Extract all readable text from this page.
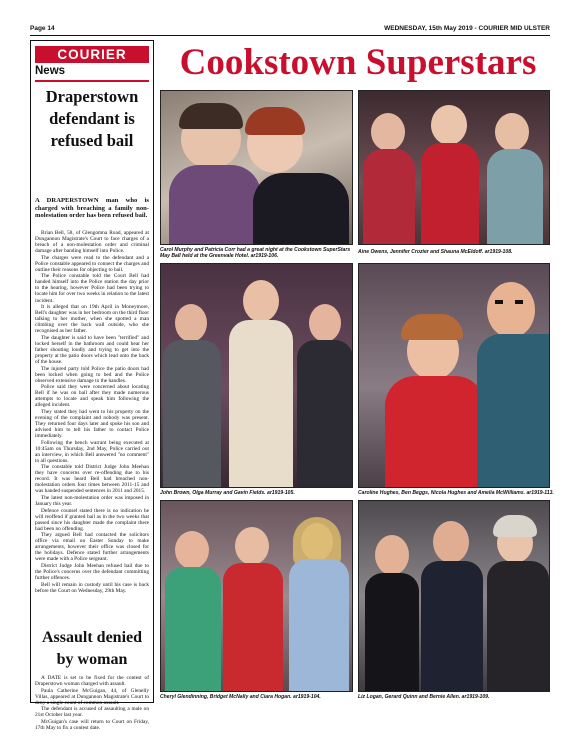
Page 14	WEDNESDAY, 15th May 2019 - COURIER MID ULSTER
COURIER
News
Draperstown defendant is refused bail
A DRAPERSTOWN man who is charged with breaching a family non-molestation order has been refused bail.

Brian Bell, 58, of Glengomna Road, appeared at Dungannon Magistrate's Court to face charges of a breach of a non-molestation order and criminal damage after banding himself into Police.

The charges were read to the defendant and a Police constable appeared to connect the charges and outline their reasons for objecting to bail.

The Police constable told the Court Bell had handed himself into the Police station the day prior to the hearing, however Police had been trying to locate him for over two weeks in relation to the latest incident.

It is alleged that on 19th April in Moneymore, Bell's daughter was in her bedroom on the third floor talking to her mother, when she spotted a man climbing over the back wall outside, who she recognised as her father.

The daughter is said to have been "terrified" and locked herself in the bathroom and could hear her father shouting loudly and trying to get into the property at the patio doors which lead onto the back of the house.

The injured party told Police the patio doors had been locked when going to bed and the Police observed extensive damage to the handles.

Police said they were concerned about locating Bell if he was on bail after they made numerous attempts to locate and speak him following the alleged incident.

They stated they had went to his property on the evening of the complaint and nobody was present. They returned four days later and spoke his son and advised him to tell his father to contact Police immediately.

Following the bench warrant being executed at 10:45am on Thursday, 2nd May, Police carried out an interview, in which Bell answered "no comment" to all questions.

The constable told District Judge John Meehan they have concerns over re-offending due to his record. It was heard Bell had breached non-molestation orders four times between 2011-15 and was handed suspended sentences in 2011 and 2015.

The latest non-molestation order was imposed in January this year.

Defence counsel stated there is no indication he will reoffend if granted bail as in the two weeks that passed since his daughter made the complaint there had been no offending.

They argued Bell had contacted the solicitors office via email on Easter Sunday to make arrangements, however their office was closed for the holidays. Defence stated further arrangements were made with a Police sergeant.

District Judge John Meehan refused bail due to the Police's concerns over the defendant committing further offences.

Bell will remain in custody until his case is back before the Court on Wednesday, 29th May.

Assault denied by woman

A DATE is set to be fixed for the contest of Draperstown woman charged with assault.

Paula Catherine McGuigan, 44, of Glenelly Villas, appeared at Dungannon Magistrate's Court to deny a single count of common assault.

The defendant is accused of assaulting a male on 21st October last year.

McGuigan's case will return to Court on Friday, 17th May to fix a contest date.

Cookstown Superstars
Carol Murphy and Patricia Corr had a great night at the Cookstown SuperStars May Ball held at the Greenvale Hotel. ar1919-106.
Aine Owens, Jennifer Crozier and Shauna McEldoff. ar1919-108.
John Brown, Olga Murray and Gavin Fields. ar1919-105.	Caroline Hughes, Ben Beggs, Nicola Hughes and Amelia McWilliams. ar1919-113.
Cheryl Glendinning, Bridget McNally and Ciara Hogan. ar1919-104.	Liz Logan, Gerard Quinn and Bernie Allen. ar1919-109.
